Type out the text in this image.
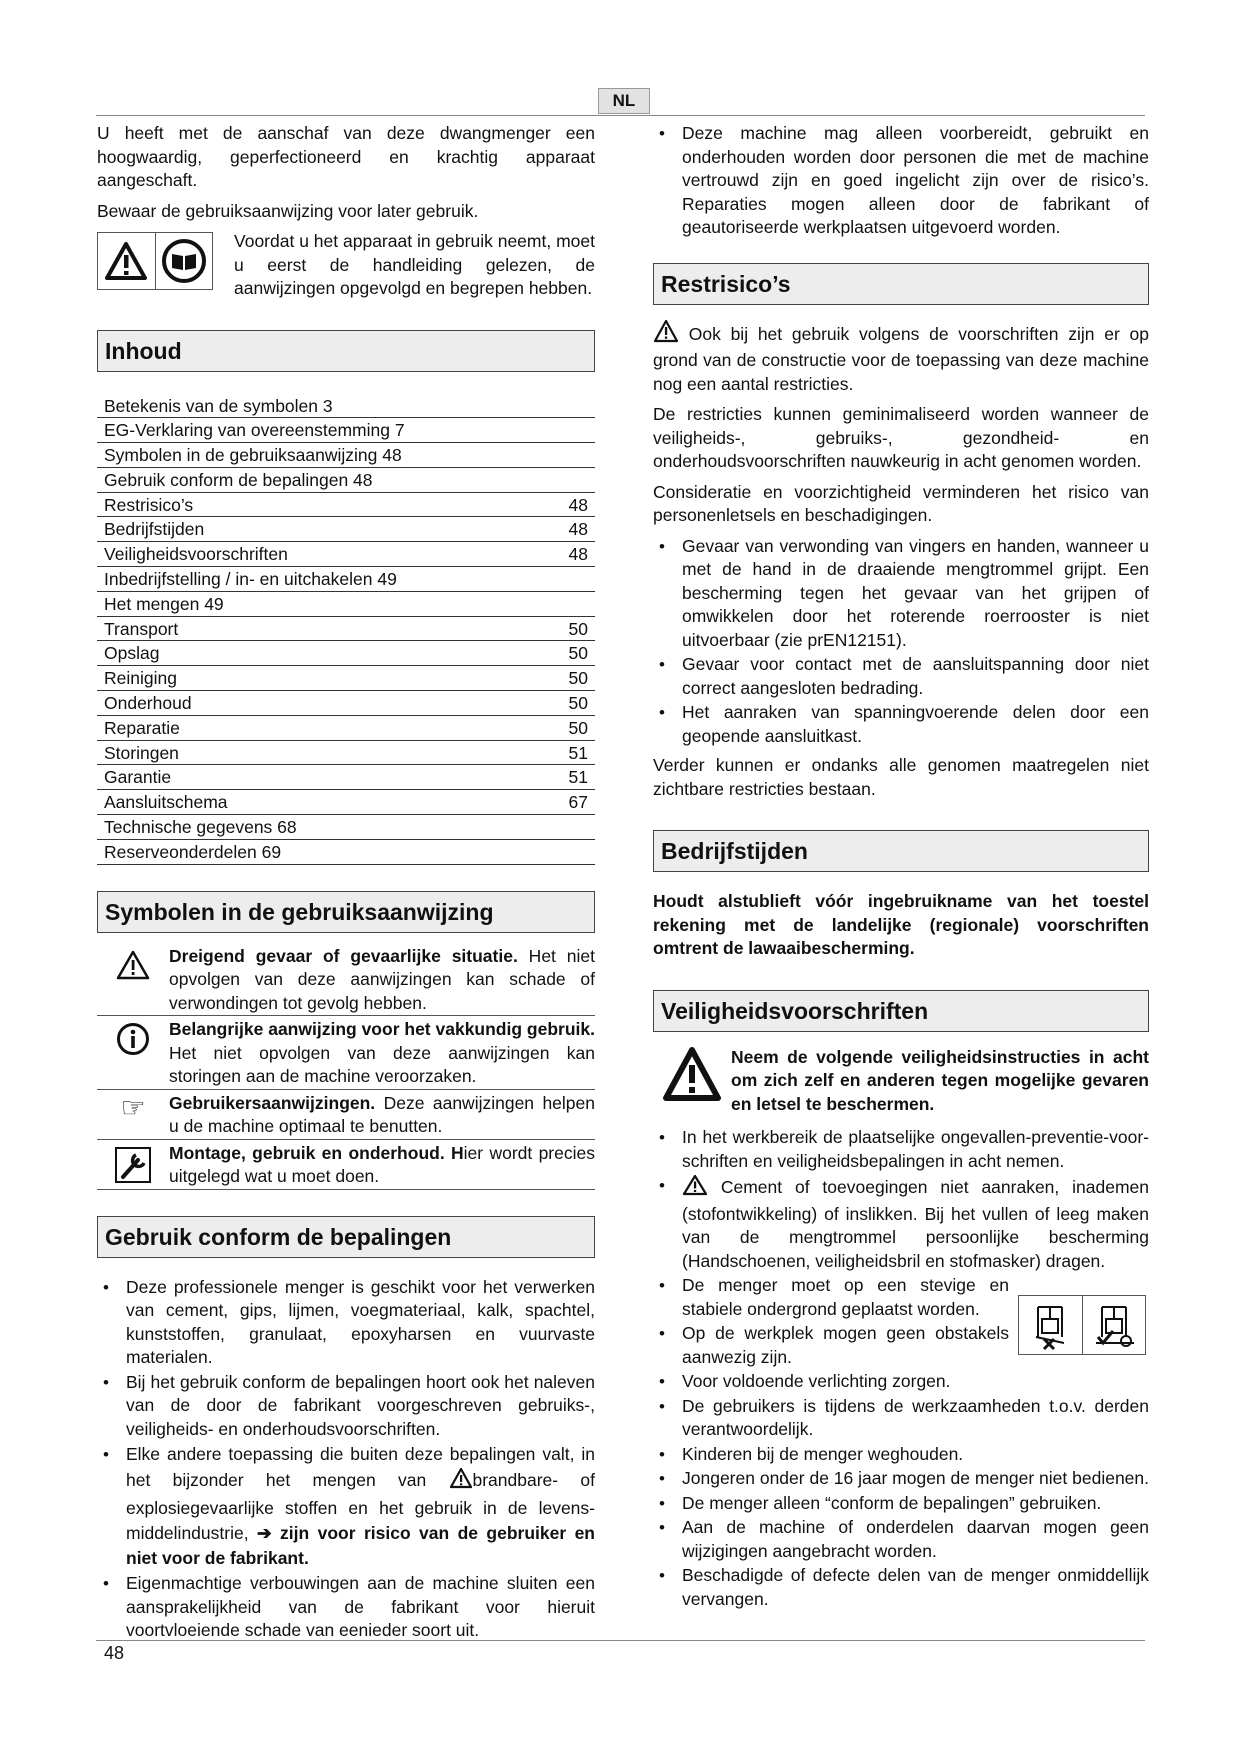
NL

U heeft met de aanschaf van deze dwangmenger een hoogwaardig, geperfectioneerd en krachtig apparaat aangeschaft.

Bewaar de gebruiksaanwijzing voor later gebruik.

Voordat u het apparaat in gebruik neemt, moet u eerst de handleiding gelezen, de aanwijzingen opgevolgd en begrepen hebben.

Inhoud
Betekenis van de symbolen 3
EG-Verklaring van overeenstemming 7
Symbolen in de gebruiksaanwijzing 48
Gebruik conform de bepalingen 48
Restrisico’s	48
Bedrijfstijden	48
Veiligheidsvoorschriften	48
Inbedrijfstelling / in- en uitchakelen 49
Het mengen 49
Transport	50
Opslag	50
Reiniging	50
Onderhoud	50
Reparatie	50
Storingen	51
Garantie	51
Aansluitschema	67
Technische gegevens 68
Reserveonderdelen 69
Symbolen in de gebruiksaanwijzing
Dreigend gevaar of gevaarlijke situatie. Het niet opvolgen van deze aanwijzingen kan schade of verwondingen tot gevolg hebben.
Belangrijke aanwijzing voor het vakkundig gebruik. Het niet opvolgen van deze aanwijzingen kan storingen aan de machine veroorzaken.
☞	Gebruikersaanwijzingen. Deze aanwijzingen helpen u de machine optimaal te benutten.
Montage, gebruik en onderhoud. Hier wordt precies uitgelegd wat u moet doen.
Gebruik conform de bepalingen
• Deze professionele menger is geschikt voor het verwerken van cement, gips, lijmen, voegmateriaal, kalk, spachtel, kunststoffen, granulaat, epoxyharsen en vuurvaste materialen.
• Bij het gebruik conform de bepalingen hoort ook het naleven van de door de fabrikant voorgeschreven gebruiks-, veiligheids- en onderhoudsvoorschriften.
• Elke andere toepassing die buiten deze bepalingen valt, in het bijzonder het mengen van brandbare- of explosiegevaarlijke stoffen en het gebruik in de levens-middelindustrie, ➔ zijn voor risico van de gebruiker en niet voor de fabrikant.
• Eigenmachtige verbouwingen aan de machine sluiten een aansprakelijkheid van de fabrikant voor hieruit voortvloeiende schade van eenieder soort uit.
• Deze machine mag alleen voorbereidt, gebruikt en onderhouden worden door personen die met de machine vertrouwd zijn en goed ingelicht zijn over de risico’s. Reparaties mogen alleen door de fabrikant of geautoriseerde werkplaatsen uitgevoerd worden.
Restrisico’s

Ook bij het gebruik volgens de voorschriften zijn er op grond van de constructie voor de toepassing van deze machine nog een aantal restricties.

De restricties kunnen geminimaliseerd worden wanneer de veiligheids-, gebruiks-, gezondheid- en onderhoudsvoorschriften nauwkeurig in acht genomen worden.

Consideratie en voorzichtigheid verminderen het risico van personenletsels en beschadigingen.

• Gevaar van verwonding van vingers en handen, wanneer u met de hand in de draaiende mengtrommel grijpt. Een bescherming tegen het gevaar van het grijpen of omwikkelen door het roterende roerrooster is niet uitvoerbaar (zie prEN12151).
• Gevaar voor contact met de aansluitspanning door niet correct aangesloten bedrading.
• Het aanraken van spanningvoerende delen door een geopende aansluitkast.

Verder kunnen er ondanks alle genomen maatregelen niet zichtbare restricties bestaan.

Bedrijfstijden

Houdt alstublieft vóór ingebruikname van het toestel rekening met de landelijke (regionale) voorschriften omtrent de lawaaibescherming.

Veiligheidsvoorschriften
Neem de volgende veiligheidsinstructies in acht om zich zelf en anderen tegen mogelijke gevaren en letsel te beschermen.
• In het werkbereik de plaatselijke ongevallen-preventie-voor-schriften en veiligheidsbepalingen in acht nemen.
• Cement of toevoegingen niet aanraken, inademen (stofontwikkeling) of inslikken. Bij het vullen of leeg maken van de mengtrommel persoonlijke bescherming (Handschoenen, veiligheidsbril en stofmasker) dragen.
• De menger moet op een stevige en stabiele ondergrond geplaatst worden.
• Op de werkplek mogen geen obstakels aanwezig zijn.
• Voor voldoende verlichting zorgen.
• De gebruikers is tijdens de werkzaamheden t.o.v. derden verantwoordelijk.
• Kinderen bij de menger weghouden.
• Jongeren onder de 16 jaar mogen de menger niet bedienen.
• De menger alleen “conform de bepalingen” gebruiken.
• Aan de machine of onderdelen daarvan mogen geen wijzigingen aangebracht worden.
• Beschadigde of defecte delen van de menger onmiddellijk vervangen.
48
